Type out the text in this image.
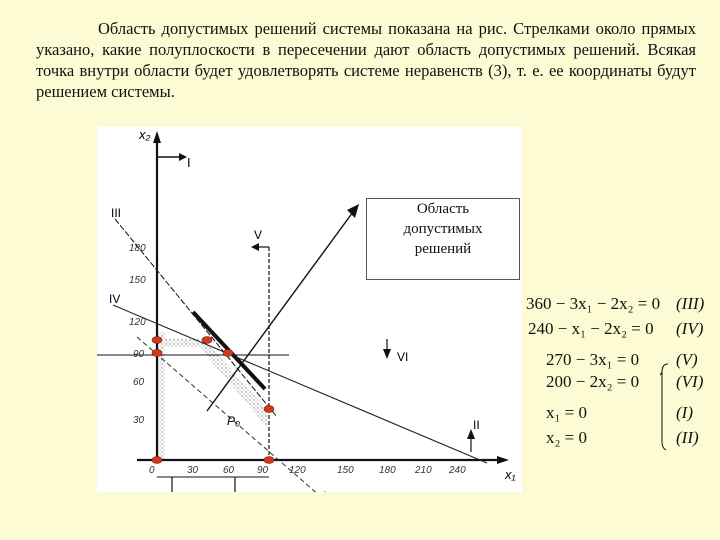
Область допустимых решений системы показана на рис. Стрелками около прямых указано, какие полуплоскости в пересечении дают область допустимых решений. Всякая точка внутри области будет удовлетворять системе неравенств (3), т. е. ее координаты будут решением системы.
x₂
x₁
I
III
IV
V
VI
II
180
150
120
90
60
30
0	30 60 90 120	150	180 210 240
P₀
Область
допустимых
решений
360 − 3x₁ − 2x₂ = 0 (III)
240 − x₁ − 2x₂ = 0 (IV)
270 − 3x₁ = 0 (V)
200 − 2x₂ = 0 (VI)
x₁ = 0	(I)
x₂ = 0	(II)
